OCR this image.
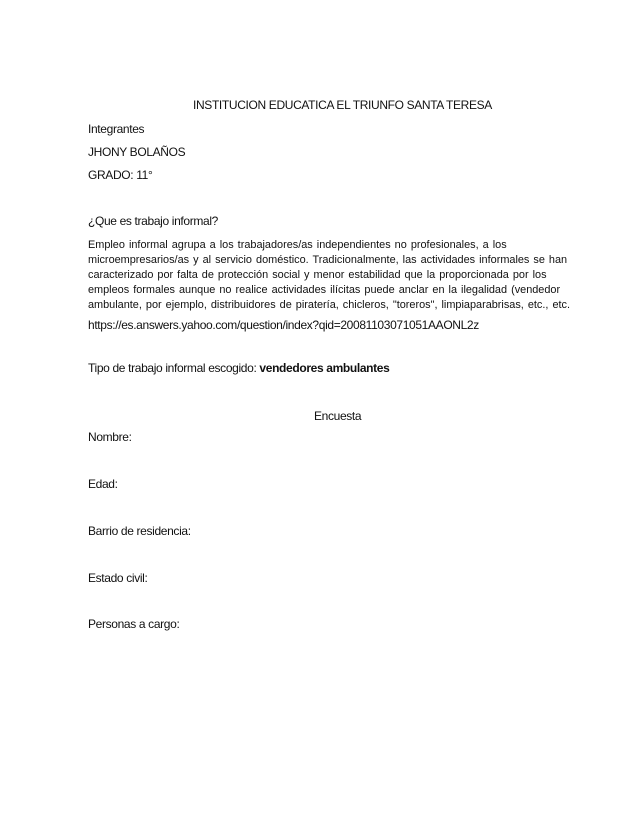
INSTITUCION EDUCATICA EL TRIUNFO SANTA TERESA

Integrantes

JHONY BOLAÑOS

GRADO: 11°

¿Que es trabajo informal?

Empleo informal agrupa a los trabajadores/as independientes no profesionales, a los

microempresarios/as y al servicio doméstico. Tradicionalmente, las actividades informales se han

caracterizado por falta de protección social y menor estabilidad que la proporcionada por los

empleos formales aunque no realice actividades ilícitas puede anclar en la ilegalidad (vendedor

ambulante, por ejemplo, distribuidores de piratería, chicleros, "toreros", limpiaparabrisas, etc., etc.

https://es.answers.yahoo.com/question/index?qid=20081103071051AAONL2z

Tipo de trabajo informal escogido: vendedores ambulantes

Encuesta

Nombre:

Edad:

Barrio de residencia:

Estado civil:

Personas a cargo:
